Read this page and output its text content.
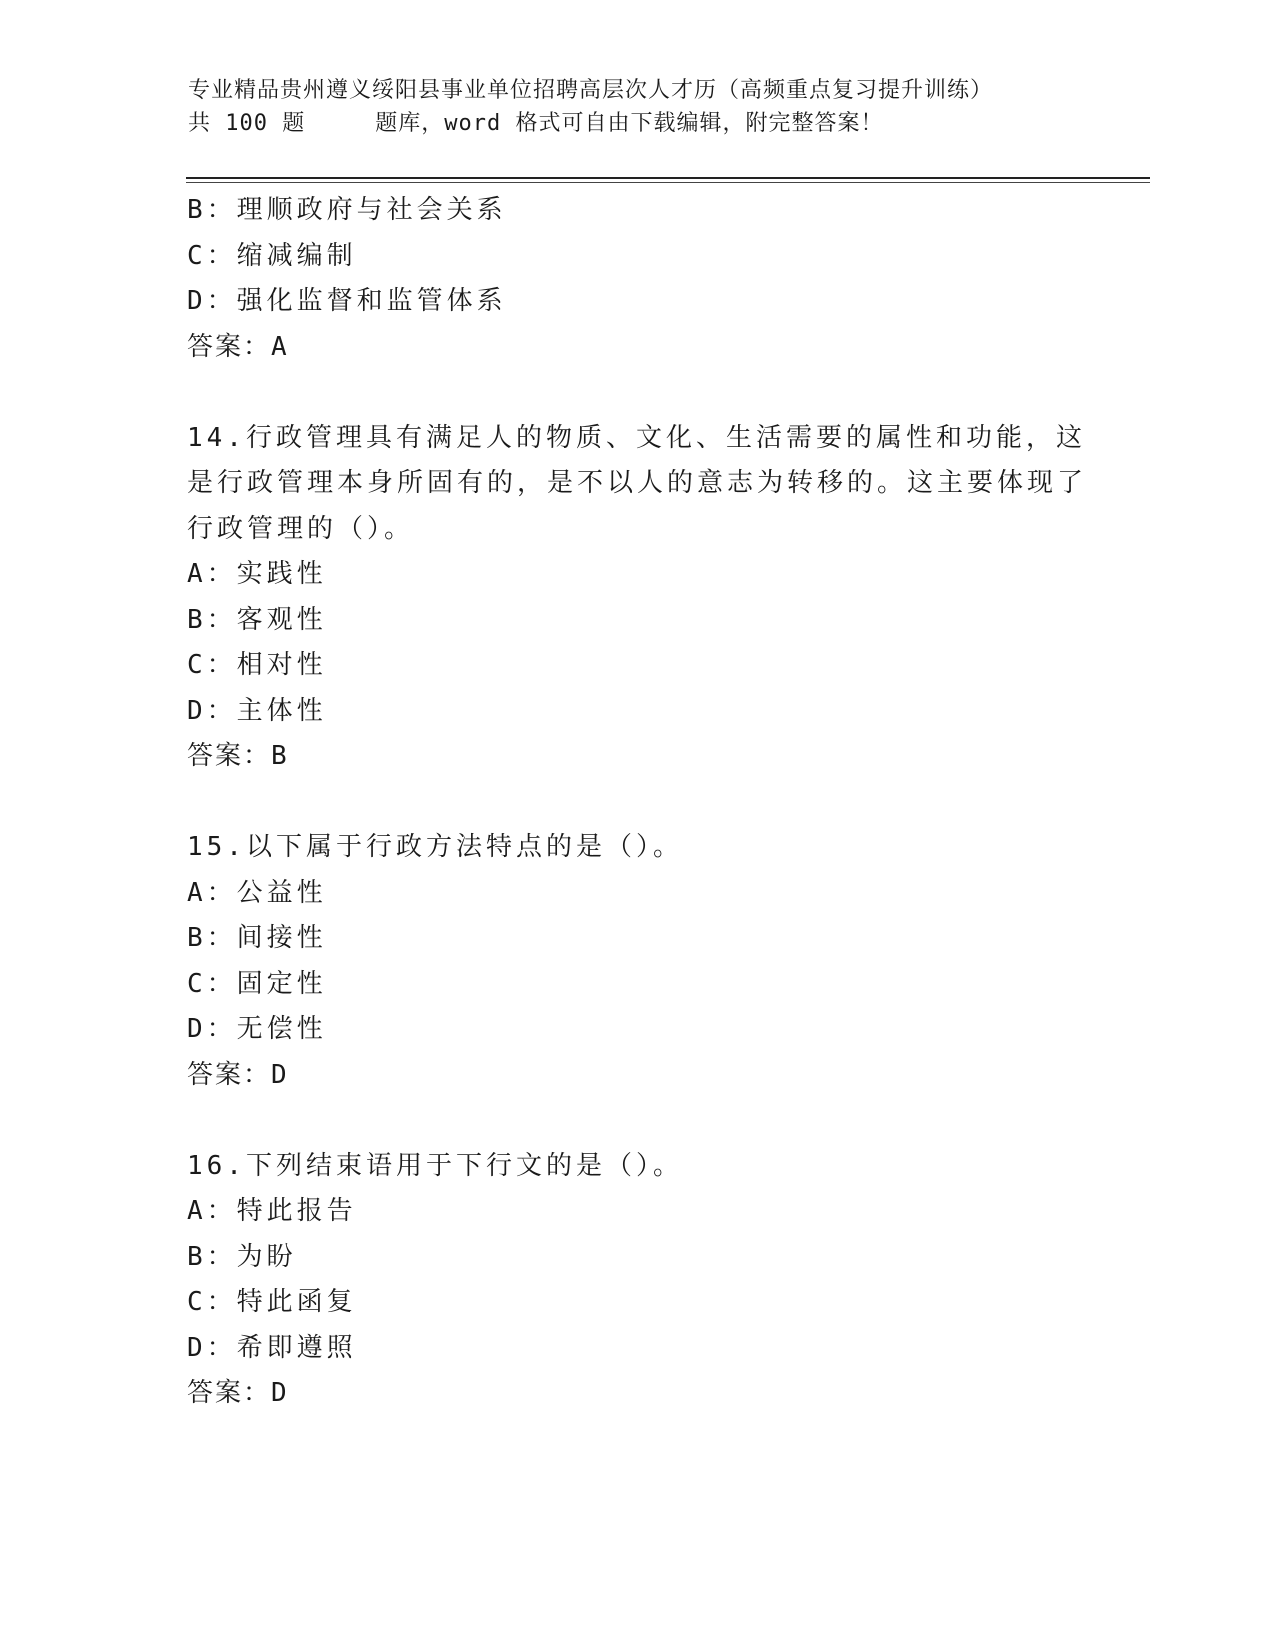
专业精品贵州遵义绥阳县事业单位招聘高层次人才历（高频重点复习提升训练）
共 100 题	题库，word 格式可自由下载编辑，附完整答案！
B：理顺政府与社会关系
C：缩减编制
D：强化监督和监管体系
答案：A
14.行政管理具有满足人的物质、文化、生活需要的属性和功能，这是行政管理本身所固有的，是不以人的意志为转移的。这主要体现了行政管理的（）。
A：实践性
B：客观性
C：相对性
D：主体性
答案：B
15.以下属于行政方法特点的是（）。
A：公益性
B：间接性
C：固定性
D：无偿性
答案：D
16.下列结束语用于下行文的是（）。
A：特此报告
B：为盼
C：特此函复
D：希即遵照
答案：D
